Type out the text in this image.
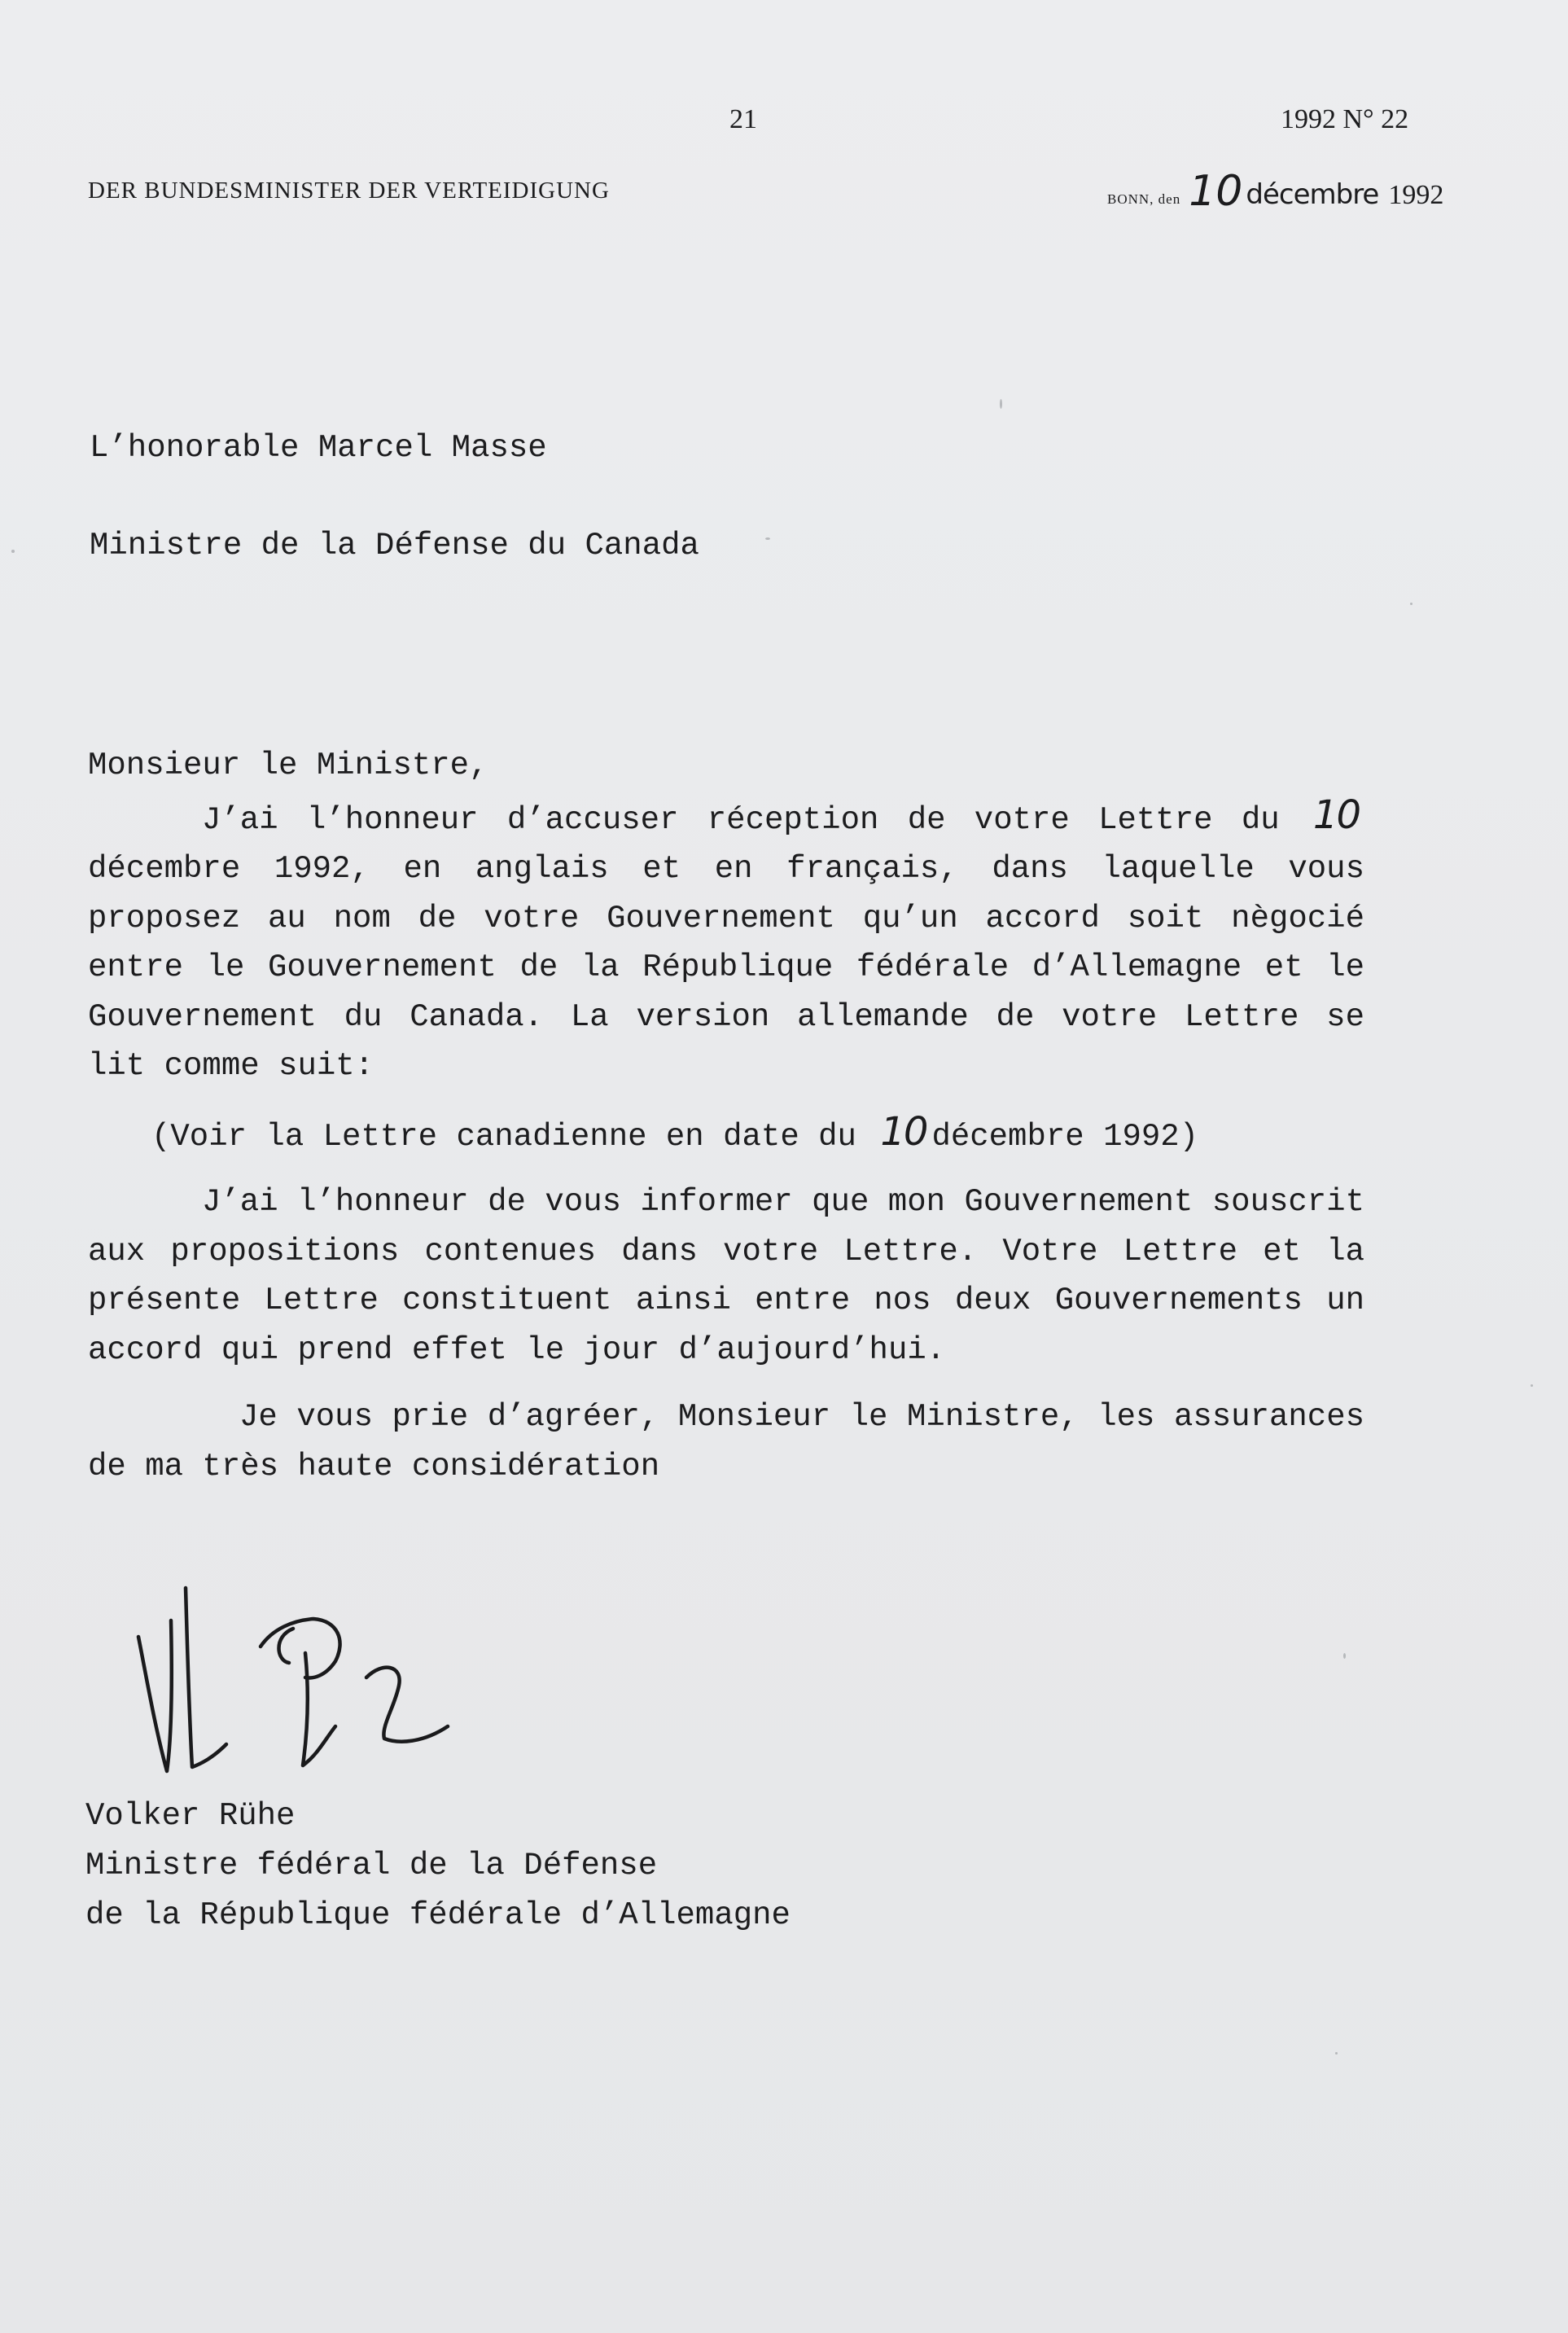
21	1992 N° 22
DER BUNDESMINISTER DER VERTEIDIGUNG	BONN, den 10 décembre 1992

L’honorable Marcel Masse

Ministre de la Défense du Canada

Monsieur le Ministre,

J’ai l’honneur d’accuser réception de votre Lettre du 10 décembre 1992, en anglais et en français, dans laquelle vous proposez au nom de votre Gouvernement qu’un accord soit nègocié entre le Gouvernement de la République fédérale d’Allemagne et le Gouvernement du Canada. La version allemande de votre Lettre se lit comme suit:

(Voir la Lettre canadienne en date du 10 décembre 1992)

J’ai l’honneur de vous informer que mon Gouvernement souscrit aux propositions contenues dans votre Lettre. Votre Lettre et la présente Lettre constituent ainsi entre nos deux Gouvernements un accord qui prend effet le jour d’aujourd’hui.

Je vous prie d’agréer, Monsieur le Ministre, les assurances de ma très haute considération

Volker Rühe
Ministre fédéral de la Défense
de la République fédérale d’Allemagne
